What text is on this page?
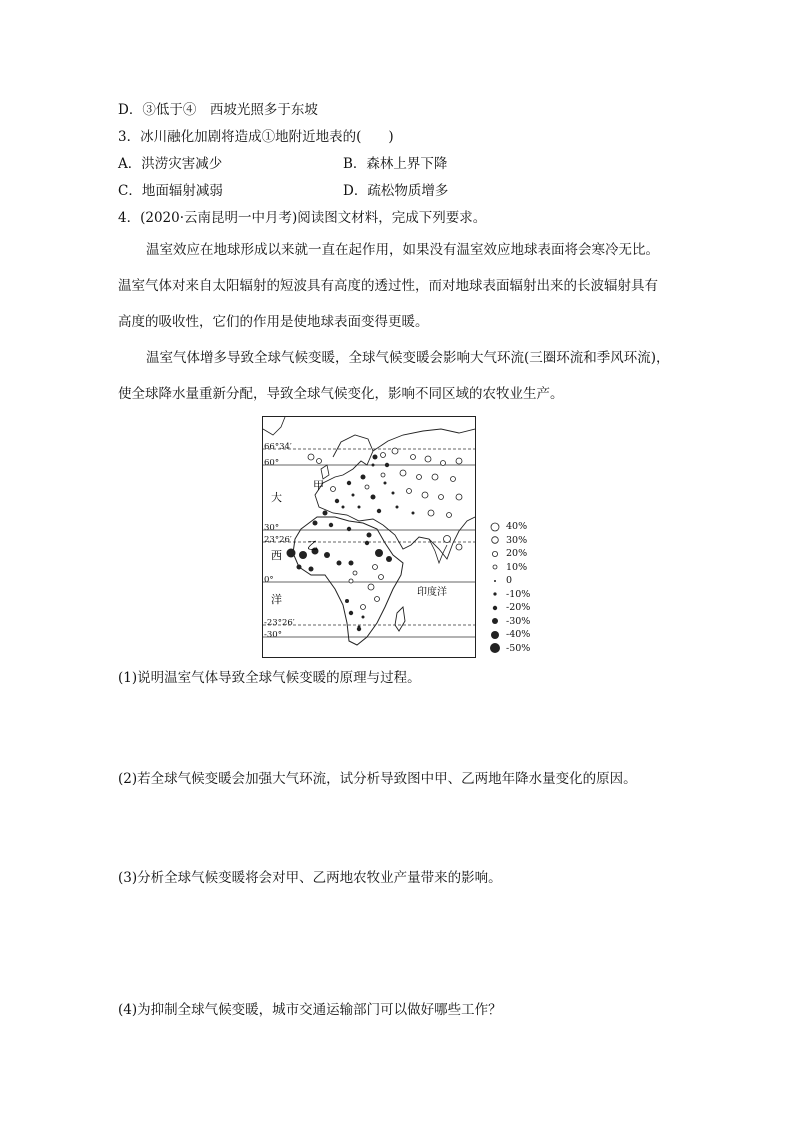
D．③低于④　西坡光照多于东坡
3．冰川融化加剧将造成①地附近地表的(　　)
A．洪涝灾害减少	B．森林上界下降
C．地面辐射减弱	D．疏松物质增多
4．(2020·云南昆明一中月考)阅读图文材料，完成下列要求。
温室效应在地球形成以来就一直在起作用，如果没有温室效应地球表面将会寒冷无比。
温室气体对来自太阳辐射的短波具有高度的透过性，而对地球表面辐射出来的长波辐射具有
高度的吸收性，它们的作用是使地球表面变得更暖。
温室气体增多导致全球气候变暖，全球气候变暖会影响大气环流(三圈环流和季风环流)，
使全球降水量重新分配，导致全球气候变化，影响不同区域的农牧业生产。
大
西
洋
甲
乙
印度洋
66°34′
60°
30°
23°26′
0°
-23°26′
-30°
40%
30%
20%
10%
0
-10%
-20%
-30%
-40%
-50%
(1)说明温室气体导致全球气候变暖的原理与过程。
(2)若全球气候变暖会加强大气环流，试分析导致图中甲、乙两地年降水量变化的原因。
(3)分析全球气候变暖将会对甲、乙两地农牧业产量带来的影响。
(4)为抑制全球气候变暖，城市交通运输部门可以做好哪些工作？
